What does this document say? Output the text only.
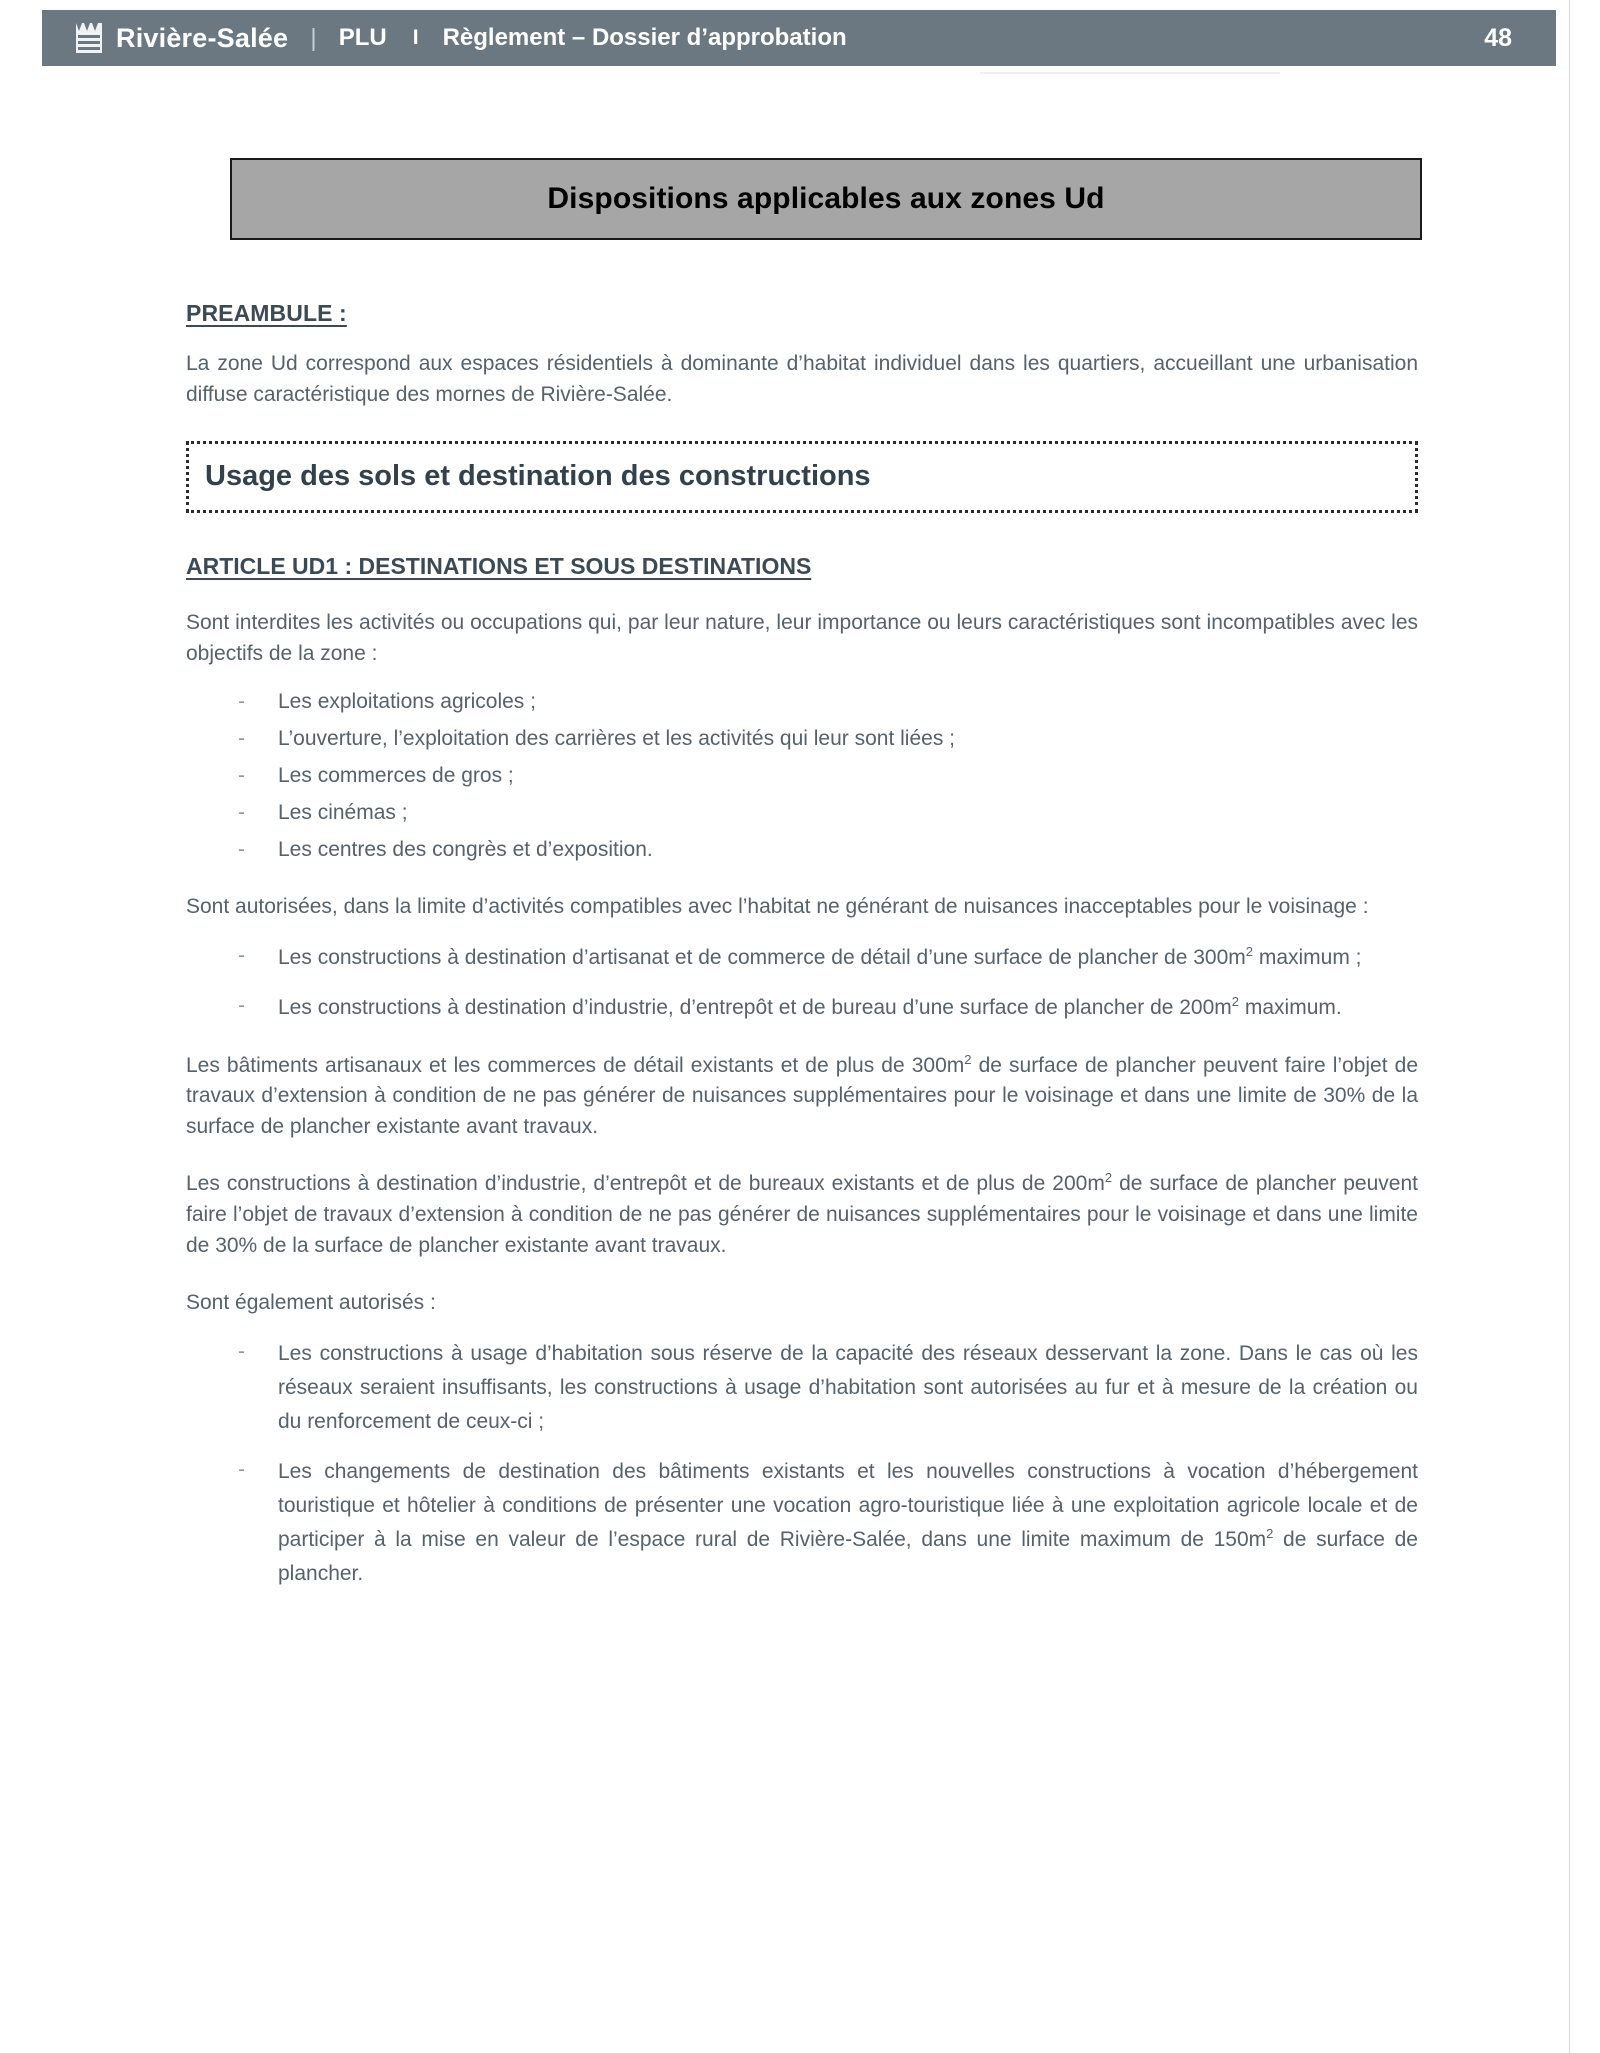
Rivière-Salée | PLU I Règlement – Dossier d’approbation	48
Dispositions applicables aux zones Ud
PREAMBULE :

La zone Ud correspond aux espaces résidentiels à dominante d’habitat individuel dans les quartiers, accueillant une urbanisation diffuse caractéristique des mornes de Rivière-Salée.

Usage des sols et destination des constructions
ARTICLE UD1 : DESTINATIONS ET SOUS DESTINATIONS

Sont interdites les activités ou occupations qui, par leur nature, leur importance ou leurs caractéristiques sont incompatibles avec les objectifs de la zone :

- Les exploitations agricoles ;
- L’ouverture, l’exploitation des carrières et les activités qui leur sont liées ;
- Les commerces de gros ;
- Les cinémas ;
- Les centres des congrès et d’exposition.

Sont autorisées, dans la limite d’activités compatibles avec l’habitat ne générant de nuisances inacceptables pour le voisinage :

- Les constructions à destination d’artisanat et de commerce de détail d’une surface de plancher de $300m^2$ maximum ;
- Les constructions à destination d’industrie, d’entrepôt et de bureau d’une surface de plancher de $200m^2$ maximum.

Les bâtiments artisanaux et les commerces de détail existants et de plus de $300m^2$ de surface de plancher peuvent faire l’objet de travaux d’extension à condition de ne pas générer de nuisances supplémentaires pour le voisinage et dans une limite de 30% de la surface de plancher existante avant travaux.

Les constructions à destination d’industrie, d’entrepôt et de bureaux existants et de plus de $200m^2$ de surface de plancher peuvent faire l’objet de travaux d’extension à condition de ne pas générer de nuisances supplémentaires pour le voisinage et dans une limite de 30% de la surface de plancher existante avant travaux.

Sont également autorisés :

- Les constructions à usage d’habitation sous réserve de la capacité des réseaux desservant la zone. Dans le cas où les réseaux seraient insuffisants, les constructions à usage d’habitation sont autorisées au fur et à mesure de la création ou du renforcement de ceux-ci ;
- Les changements de destination des bâtiments existants et les nouvelles constructions à vocation d’hébergement touristique et hôtelier à conditions de présenter une vocation agro-touristique liée à une exploitation agricole locale et de participer à la mise en valeur de l’espace rural de Rivière-Salée, dans une limite maximum de $150m^2$ de surface de plancher.
